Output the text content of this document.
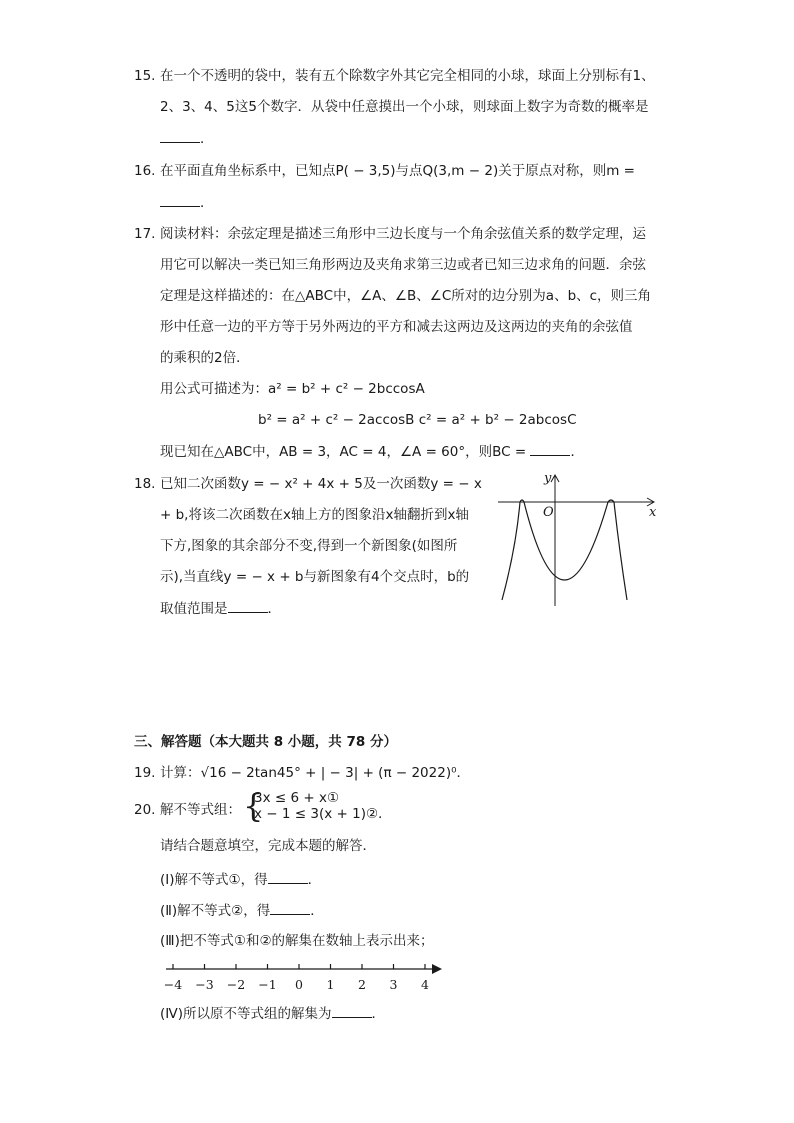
15. 在一个不透明的袋中，装有五个除数字外其它完全相同的小球，球面上分别标有1、
2、3、4、5这5个数字．从袋中任意摸出一个小球，则球面上数字为奇数的概率是
．
16. 在平面直角坐标系中，已知点P( − 3,5)与点Q(3,m − 2)关于原点对称，则m =
．
17. 阅读材料：余弦定理是描述三角形中三边长度与一个角余弦值关系的数学定理，运
用它可以解决一类已知三角形两边及夹角求第三边或者已知三边求角的问题．余弦
定理是这样描述的：在△ABC中，∠A、∠B、∠C所对的边分别为a、b、c，则三角
形中任意一边的平方等于另外两边的平方和减去这两边及这两边的夹角的余弦值
的乘积的2倍．
用公式可描述为：a² = b² + c² − 2bccosA
b² = a² + c² − 2accosB c² = a² + b² − 2abcosC
现已知在△ABC中，AB = 3，AC = 4，∠A = 60°，则BC =	．
18. 已知二次函数y = − x² + 4x + 5及一次函数y = − x
+ b,将该二次函数在x轴上方的图象沿x轴翻折到x轴
下方,图象的其余部分不变,得到一个新图象(如图所
示),当直线y = − x + b与新图象有4个交点时，b的
取值范围是	．
y
x
O
三、解答题（本大题共 8 小题，共 78 分）
19. 计算：√16 − 2tan45° + | − 3| + (π − 2022)⁰．
20. 解不等式组： {
3x ≤ 6 + x①
x − 1 ≤ 3(x + 1)②．
请结合题意填空，完成本题的解答．
(Ⅰ)解不等式①，得	．
(Ⅱ)解不等式②，得	．
(Ⅲ)把不等式①和②的解集在数轴上表示出来；
−4 −3 −2 −1 0 1 2 3 4
(Ⅳ)所以原不等式组的解集为	．
